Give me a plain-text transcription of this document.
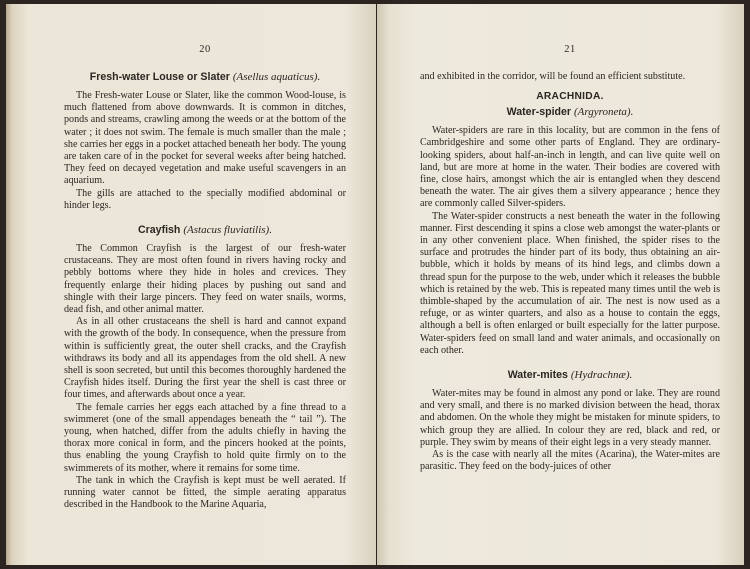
20
Fresh-water Louse or Slater (Asellus aquaticus).

The Fresh-water Louse or Slater, like the common Wood-louse, is much flattened from above downwards. It is common in ditches, ponds and streams, crawling among the weeds or at the bottom of the water ; it does not swim. The female is much smaller than the male ; she carries her eggs in a pocket attached beneath her body. The young are taken care of in the pocket for several weeks after being hatched. They feed on decayed vegetation and make useful scavengers in an aquarium.

The gills are attached to the specially modified abdominal or hinder legs.

Crayfish (Astacus fluviatilis).

The Common Crayfish is the largest of our fresh-water crustaceans. They are most often found in rivers having rocky and pebbly bottoms where they hide in holes and crevices. They frequently enlarge their hiding places by pushing out sand and shingle with their large pincers. They feed on water snails, worms, dead fish, and other animal matter.

As in all other crustaceans the shell is hard and cannot expand with the growth of the body. In consequence, when the pressure from within is sufficiently great, the outer shell cracks, and the Crayfish withdraws its body and all its appendages from the old shell. A new shell is soon secreted, but until this becomes thoroughly hardened the Crayfish hides itself. During the first year the shell is cast three or four times, and afterwards about once a year.

The female carries her eggs each attached by a fine thread to a swimmeret (one of the small appendages beneath the “ tail ”). The young, when hatched, differ from the adults chiefly in having the thorax more conical in form, and the pincers hooked at the points, thus enabling the young Crayfish to hold quite firmly on to the swimmerets of its mother, where it remains for some time.

The tank in which the Crayfish is kept must be well aerated. If running water cannot be fitted, the simple aerating apparatus described in the Handbook to the Marine Aquaria,

21

and exhibited in the corridor, will be found an efficient substitute.

ARACHNIDA.
Water-spider (Argyroneta).

Water-spiders are rare in this locality, but are common in the fens of Cambridgeshire and some other parts of England. They are ordinary-looking spiders, about half-an-inch in length, and can live quite well on land, but are more at home in the water. Their bodies are covered with fine, close hairs, amongst which the air is entangled when they descend beneath the water. The air gives them a silvery appearance ; hence they are commonly called Silver-spiders.

The Water-spider constructs a nest beneath the water in the following manner. First descending it spins a close web amongst the water-plants or in any other convenient place. When finished, the spider rises to the surface and protrudes the hinder part of its body, thus obtaining an air-bubble, which it holds by means of its hind legs, and climbs down a thread spun for the purpose to the web, under which it releases the bubble which is retained by the web. This is repeated many times until the web is thimble-shaped by the accumulation of air. The nest is now used as a refuge, or as winter quarters, and also as a house to contain the eggs, although a bell is often enlarged or built especially for the latter purpose. Water-spiders feed on small land and water animals, and occasionally on each other.

Water-mites (Hydrachnæ).

Water-mites may be found in almost any pond or lake. They are round and very small, and there is no marked division between the head, thorax and abdomen. On the whole they might be mistaken for minute spiders, to which group they are allied. In colour they are red, black and red, or purple. They swim by means of their eight legs in a very steady manner.

As is the case with nearly all the mites (Acarina), the Water-mites are parasitic. They feed on the body-juices of other
